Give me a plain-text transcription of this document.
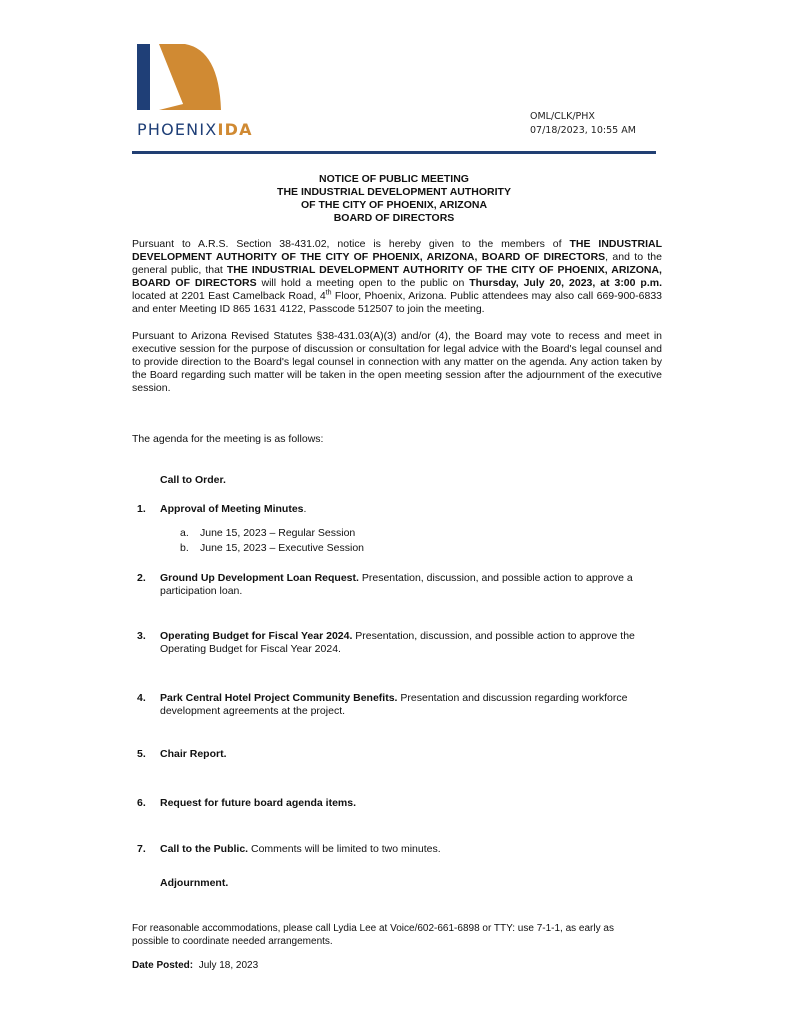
PHOENIXIDA
OML/CLK/PHX
07/18/2023, 10:55 AM
NOTICE OF PUBLIC MEETING
THE INDUSTRIAL DEVELOPMENT AUTHORITY
OF THE CITY OF PHOENIX, ARIZONA
BOARD OF DIRECTORS
Pursuant to A.R.S. Section 38-431.02, notice is hereby given to the members of THE INDUSTRIAL DEVELOPMENT AUTHORITY OF THE CITY OF PHOENIX, ARIZONA, BOARD OF DIRECTORS, and to the general public, that THE INDUSTRIAL DEVELOPMENT AUTHORITY OF THE CITY OF PHOENIX, ARIZONA, BOARD OF DIRECTORS will hold a meeting open to the public on Thursday, July 20, 2023, at 3:00 p.m. located at 2201 East Camelback Road, 4th Floor, Phoenix, Arizona. Public attendees may also call 669-900-6833 and enter Meeting ID 865 1631 4122, Passcode 512507 to join the meeting.
Pursuant to Arizona Revised Statutes §38-431.03(A)(3) and/or (4), the Board may vote to recess and meet in executive session for the purpose of discussion or consultation for legal advice with the Board's legal counsel and to provide direction to the Board's legal counsel in connection with any matter on the agenda. Any action taken by the Board regarding such matter will be taken in the open meeting session after the adjournment of the executive session.
The agenda for the meeting is as follows:
Call to Order.
1. Approval of Meeting Minutes.
a. June 15, 2023 – Regular Session
b. June 15, 2023 – Executive Session
2. Ground Up Development Loan Request. Presentation, discussion, and possible action to approve a participation loan.
3. Operating Budget for Fiscal Year 2024. Presentation, discussion, and possible action to approve the Operating Budget for Fiscal Year 2024.
4. Park Central Hotel Project Community Benefits. Presentation and discussion regarding workforce development agreements at the project.
5. Chair Report.
6. Request for future board agenda items.
7. Call to the Public. Comments will be limited to two minutes.
Adjournment.
For reasonable accommodations, please call Lydia Lee at Voice/602-661-6898 or TTY: use 7-1-1, as early as possible to coordinate needed arrangements.
Date Posted: July 18, 2023
